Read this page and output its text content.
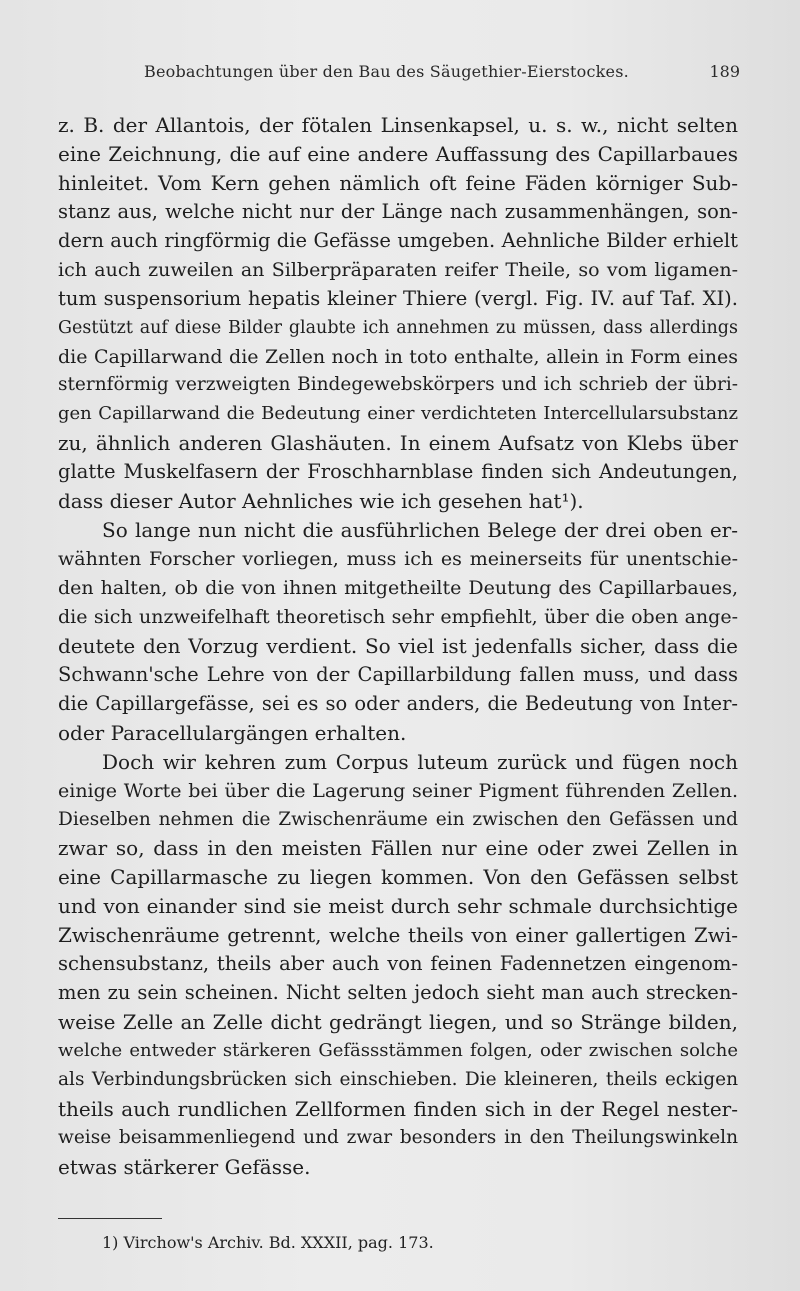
Beobachtungen über den Bau des Säugethier-Eierstockes.	189
z. B. der Allantois, der fötalen Linsenkapsel, u. s. w., nicht selten
eine Zeichnung, die auf eine andere Auffassung des Capillarbaues
hinleitet. Vom Kern gehen nämlich oft feine Fäden körniger Sub-
stanz aus, welche nicht nur der Länge nach zusammenhängen, son-
dern auch ringförmig die Gefässe umgeben. Aehnliche Bilder erhielt
ich auch zuweilen an Silberpräparaten reifer Theile, so vom ligamen-
tum suspensorium hepatis kleiner Thiere (vergl. Fig. IV. auf Taf. XI).
Gestützt auf diese Bilder glaubte ich annehmen zu müssen, dass allerdings
die Capillarwand die Zellen noch in toto enthalte, allein in Form eines
sternförmig verzweigten Bindegewebskörpers und ich schrieb der übri-
gen Capillarwand die Bedeutung einer verdichteten Intercellularsubstanz
zu, ähnlich anderen Glashäuten. In einem Aufsatz von Klebs über
glatte Muskelfasern der Froschharnblase finden sich Andeutungen,
dass dieser Autor Aehnliches wie ich gesehen hat¹).
So lange nun nicht die ausführlichen Belege der drei oben er-
wähnten Forscher vorliegen, muss ich es meinerseits für unentschie-
den halten, ob die von ihnen mitgetheilte Deutung des Capillarbaues,
die sich unzweifelhaft theoretisch sehr empfiehlt, über die oben ange-
deutete den Vorzug verdient. So viel ist jedenfalls sicher, dass die
Schwann'sche Lehre von der Capillarbildung fallen muss, und dass
die Capillargefässe, sei es so oder anders, die Bedeutung von Inter-
oder Paracellulargängen erhalten.
Doch wir kehren zum Corpus luteum zurück und fügen noch
einige Worte bei über die Lagerung seiner Pigment führenden Zellen.
Dieselben nehmen die Zwischenräume ein zwischen den Gefässen und
zwar so, dass in den meisten Fällen nur eine oder zwei Zellen in
eine Capillarmasche zu liegen kommen. Von den Gefässen selbst
und von einander sind sie meist durch sehr schmale durchsichtige
Zwischenräume getrennt, welche theils von einer gallertigen Zwi-
schensubstanz, theils aber auch von feinen Fadennetzen eingenom-
men zu sein scheinen. Nicht selten jedoch sieht man auch strecken-
weise Zelle an Zelle dicht gedrängt liegen, und so Stränge bilden,
welche entweder stärkeren Gefässstämmen folgen, oder zwischen solche
als Verbindungsbrücken sich einschieben. Die kleineren, theils eckigen
theils auch rundlichen Zellformen finden sich in der Regel nester-
weise beisammenliegend und zwar besonders in den Theilungswinkeln
etwas stärkerer Gefässe.
1) Virchow's Archiv. Bd. XXXII, pag. 173.
